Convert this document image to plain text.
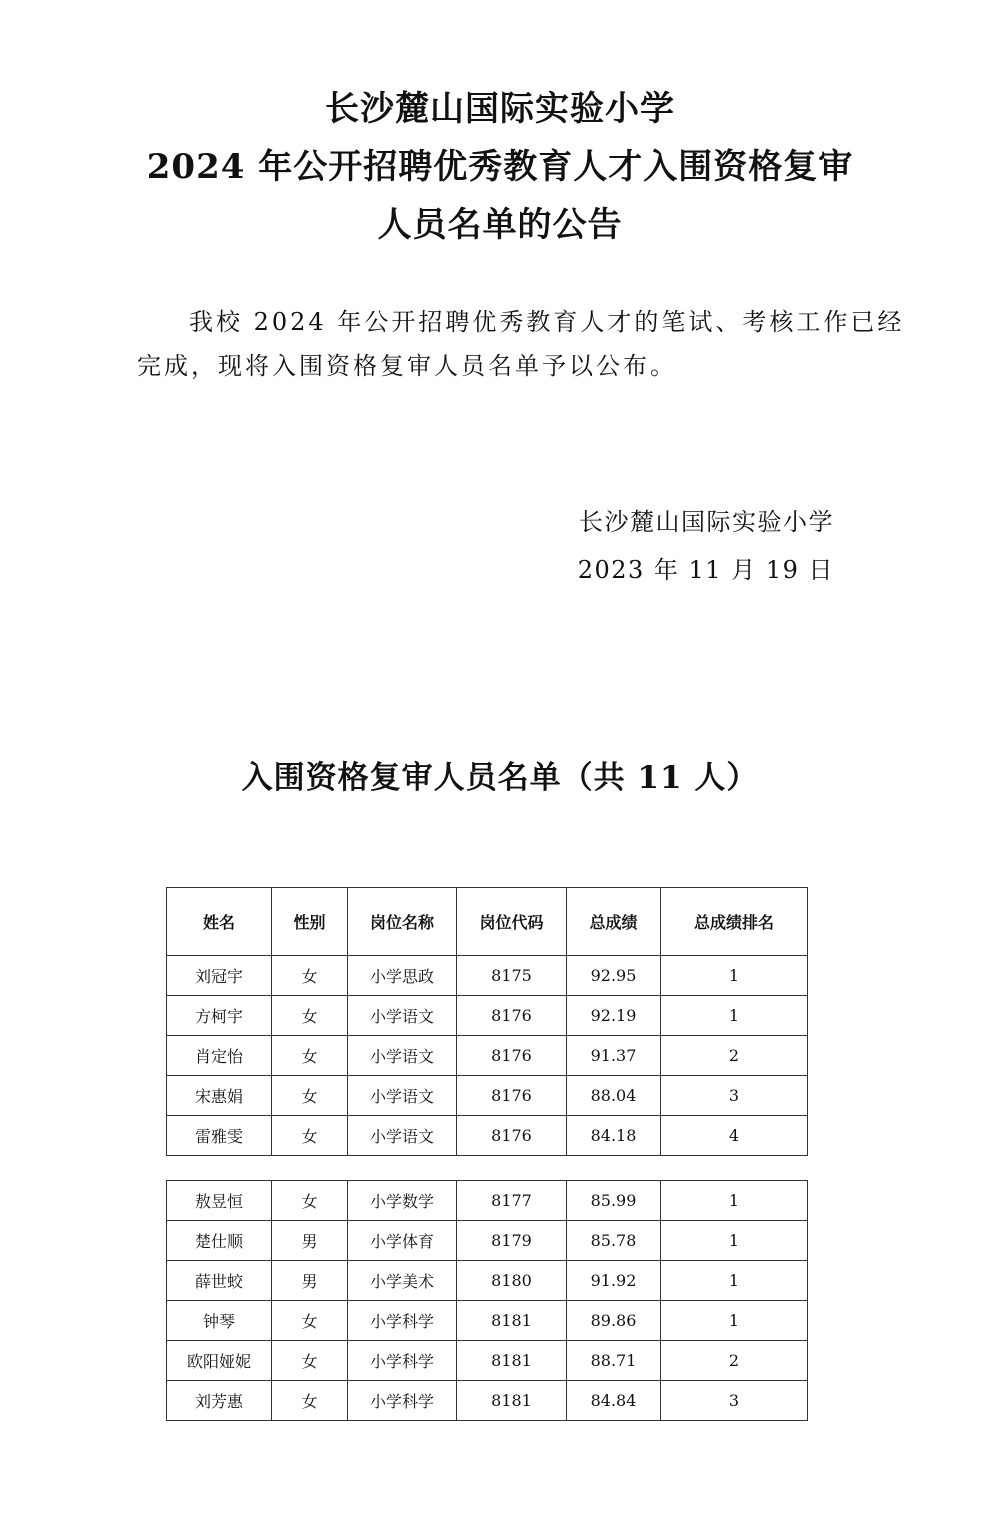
长沙麓山国际实验小学
2024 年公开招聘优秀教育人才入围资格复审
人员名单的公告
我校 2024 年公开招聘优秀教育人才的笔试、考核工作已经
完成，现将入围资格复审人员名单予以公布。
长沙麓山国际实验小学
2023 年 11 月 19 日
入围资格复审人员名单（共 11 人）
姓名	性别	岗位名称	岗位代码	总成绩	总成绩排名
刘冠宇	女	小学思政	8175	92.95	1
方柯宇	女	小学语文	8176	92.19	1
肖定怡	女	小学语文	8176	91.37	2
宋惠娟	女	小学语文	8176	88.04	3
雷雅雯	女	小学语文	8176	84.18	4
敖昱恒	女	小学数学	8177	85.99	1
楚仕顺	男	小学体育	8179	85.78	1
薛世蛟	男	小学美术	8180	91.92	1
钟琴	女	小学科学	8181	89.86	1
欧阳娅妮	女	小学科学	8181	88.71	2
刘芳惠	女	小学科学	8181	84.84	3
